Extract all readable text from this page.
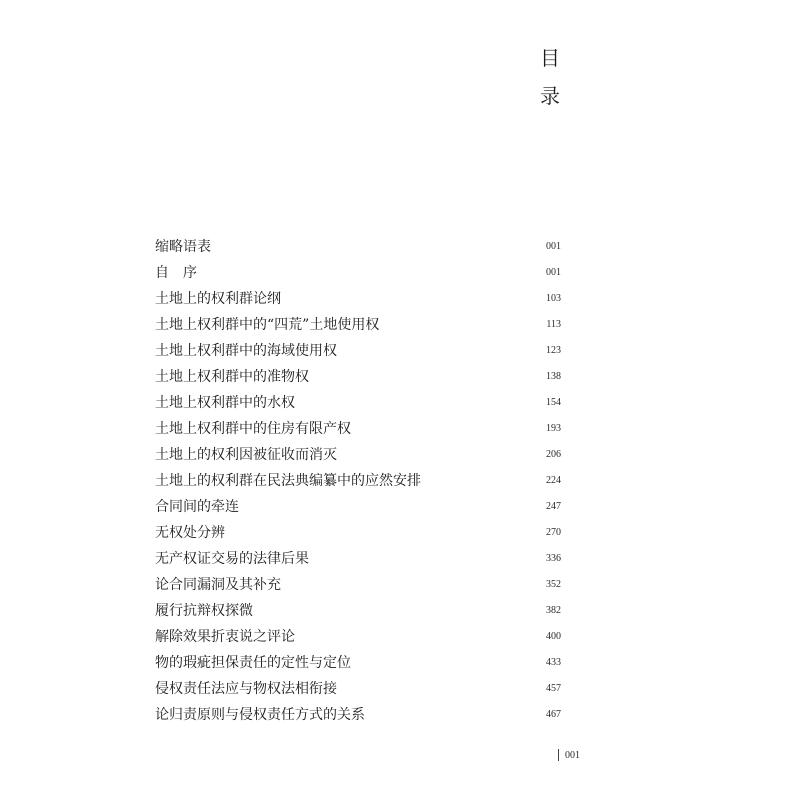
目
录
缩略语表	001
自　序	001
土地上的权利群论纲	103
土地上权利群中的“四荒”土地使用权	113
土地上权利群中的海域使用权	123
土地上权利群中的准物权	138
土地上权利群中的水权	154
土地上权利群中的住房有限产权	193
土地上的权利因被征收而消灭	206
土地上的权利群在民法典编纂中的应然安排	224
合同间的牵连	247
无权处分辨	270
无产权证交易的法律后果	336
论合同漏洞及其补充	352
履行抗辩权探微	382
解除效果折衷说之评论	400
物的瑕疵担保责任的定性与定位	433
侵权责任法应与物权法相衔接	457
论归责原则与侵权责任方式的关系	467
001
